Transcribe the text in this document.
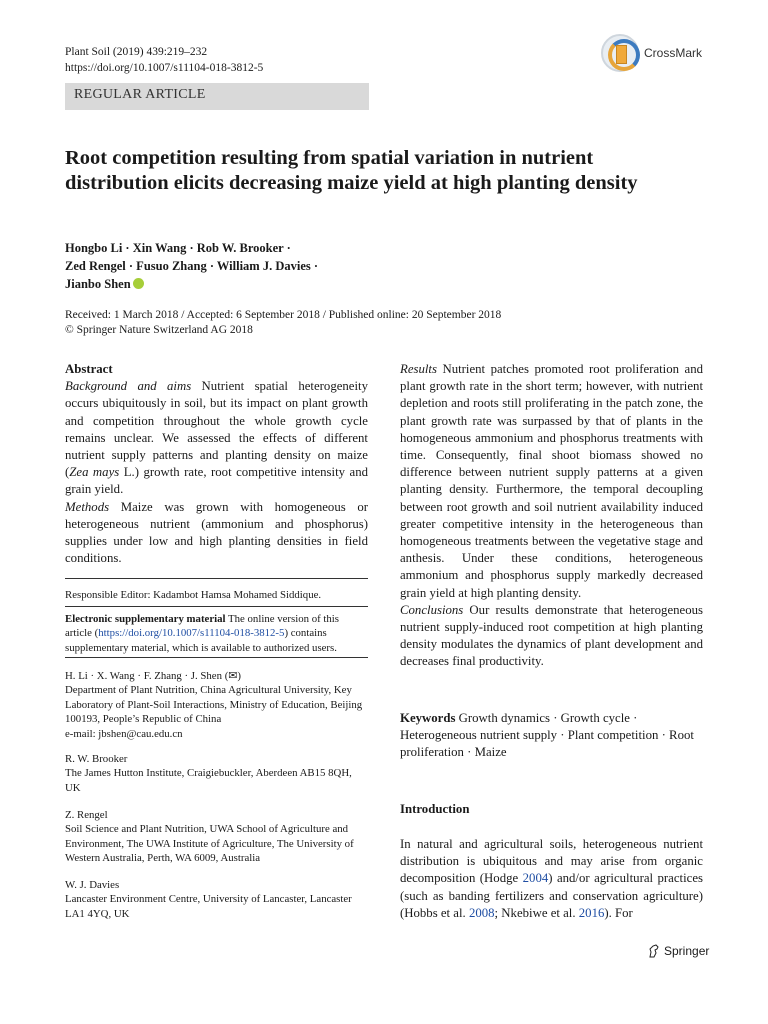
Plant Soil (2019) 439:219–232
https://doi.org/10.1007/s11104-018-3812-5
CrossMark
REGULAR ARTICLE
Root competition resulting from spatial variation in nutrient distribution elicits decreasing maize yield at high planting density
Hongbo Li · Xin Wang · Rob W. Brooker ·
Zed Rengel · Fusuo Zhang · William J. Davies ·
Jianbo Shen
Received: 1 March 2018 / Accepted: 6 September 2018 / Published online: 20 September 2018
© Springer Nature Switzerland AG 2018

Abstract

Background and aims Nutrient spatial heterogeneity occurs ubiquitously in soil, but its impact on plant growth and competition throughout the whole growth cycle remains unclear. We assessed the effects of different nutrient supply patterns and planting density on maize (Zea mays L.) growth rate, root competitive intensity and grain yield.

Methods Maize was grown with homogeneous or heterogeneous nutrient (ammonium and phosphorus) supplies under low and high planting densities in field conditions.

Responsible Editor: Kadambot Hamsa Mohamed Siddique.
Electronic supplementary material The online version of this article (https://doi.org/10.1007/s11104-018-3812-5) contains supplementary material, which is available to authorized users.
H. Li · X. Wang · F. Zhang · J. Shen (✉)
Department of Plant Nutrition, China Agricultural University, Key Laboratory of Plant-Soil Interactions, Ministry of Education, Beijing 100193, People’s Republic of China
e-mail: jbshen@cau.edu.cn
R. W. Brooker
The James Hutton Institute, Craigiebuckler, Aberdeen AB15 8QH, UK
Z. Rengel
Soil Science and Plant Nutrition, UWA School of Agriculture and Environment, The UWA Institute of Agriculture, The University of Western Australia, Perth, WA 6009, Australia
W. J. Davies
Lancaster Environment Centre, University of Lancaster, Lancaster LA1 4YQ, UK

Results Nutrient patches promoted root proliferation and plant growth rate in the short term; however, with nutrient depletion and roots still proliferating in the patch zone, the plant growth rate was surpassed by that of plants in the homogeneous ammonium and phosphorus treatments with time. Consequently, final shoot biomass showed no difference between nutrient supply patterns at a given planting density. Furthermore, the temporal decoupling between root growth and soil nutrient availability induced greater competitive intensity in the heterogeneous than homogeneous treatments between the vegetative stage and anthesis. Under these conditions, heterogeneous ammonium and phosphorus supply markedly decreased grain yield at high planting density.

Conclusions Our results demonstrate that heterogeneous nutrient supply-induced root competition at high planting density modulates the dynamics of plant development and decreases final productivity.

Keywords Growth dynamics · Growth cycle · Heterogeneous nutrient supply · Plant competition · Root proliferation · Maize
Introduction
In natural and agricultural soils, heterogeneous nutrient distribution is ubiquitous and may arise from organic decomposition (Hodge 2004) and/or agricultural practices (such as banding fertilizers and conservation agriculture) (Hobbs et al. 2008; Nkebiwe et al. 2016). For
Springer
